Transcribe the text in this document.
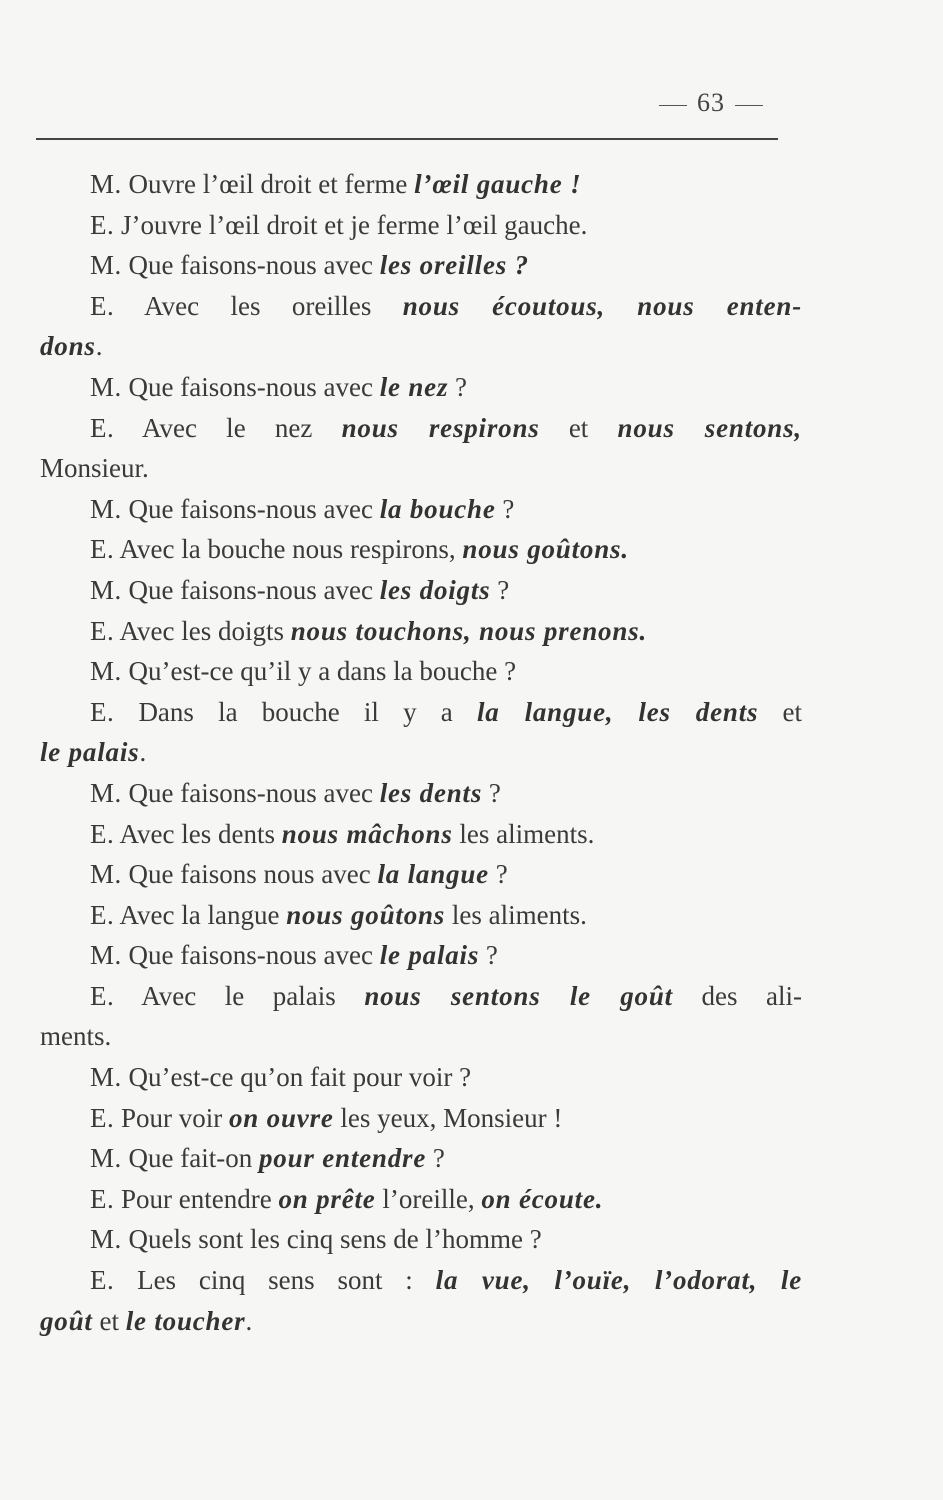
63
M. Ouvre l’œil droit et ferme l’œil gauche !
E. J’ouvre l’œil droit et je ferme l’œil gauche.
M. Que faisons-nous avec les oreilles ?
E. Avec les oreilles nous écoutous, nous enten-
dons.
M. Que faisons-nous avec le nez ?
E. Avec le nez nous respirons et nous sentons,
Monsieur.
M. Que faisons-nous avec la bouche ?
E. Avec la bouche nous respirons, nous goûtons.
M. Que faisons-nous avec les doigts ?
E. Avec les doigts nous touchons, nous prenons.
M. Qu’est-ce qu’il y a dans la bouche ?
E. Dans la bouche il y a la langue, les dents et
le palais.
M. Que faisons-nous avec les dents ?
E. Avec les dents nous mâchons les aliments.
M. Que faisons nous avec la langue ?
E. Avec la langue nous goûtons les aliments.
M. Que faisons-nous avec le palais ?
E. Avec le palais nous sentons le goût des ali-
ments.
M. Qu’est-ce qu’on fait pour voir ?
E. Pour voir on ouvre les yeux, Monsieur !
M. Que fait-on pour entendre ?
E. Pour entendre on prête l’oreille, on écoute.
M. Quels sont les cinq sens de l’homme ?
E. Les cinq sens sont : la vue, l’ouïe, l’odorat, le
goût et le toucher.
